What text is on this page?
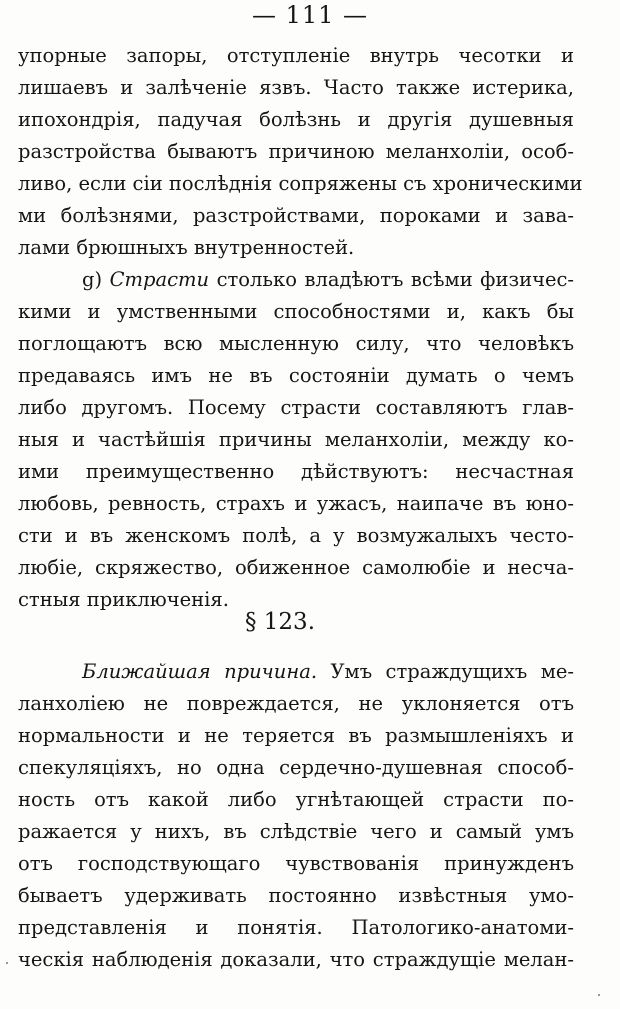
— 111 —
упорные запоры, отступленіе внутрь чесотки и
лишаевъ и залѣченіе язвъ. Часто также истерика,
ипохондрія, падучая болѣзнь и другія душевныя
разстройства бываютъ причиною меланхоліи, особ-
ливо, если сіи послѣднія сопряжены съ хроническими
ми болѣзнями, разстройствами, пороками и зава-
лами брюшныхъ внутренностей.
g) Страсти столько владѣютъ всѣми физичес-
кими и умственными способностями и, какъ бы
поглощаютъ всю мысленную силу, что человѣкъ
предаваясь имъ не въ состояніи думать о чемъ
либо другомъ. Посему страсти составляютъ глав-
ныя и частѣйшія причины меланхоліи, между ко-
ими преимущественно дѣйствуютъ: несчастная
любовь, ревность, страхъ и ужасъ, наипаче въ юно-
сти и въ женскомъ полѣ, а у возмужалыхъ често-
любіе, скряжество, обиженное самолюбіе и несча-
стныя приключенія.
§ 123.
Ближайшая причина. Умъ страждущихъ ме-
ланхоліею не повреждается, не уклоняется отъ
нормальности и не теряется въ размышленіяхъ и
спекуляціяхъ, но одна сердечно-душевная способ-
ность отъ какой либо угнѣтающей страсти по-
ражается у нихъ, въ слѣдствіе чего и самый умъ
отъ господствующаго чувствованія принужденъ
бываетъ удерживать постоянно извѣстныя умо-
представленія и понятія. Патологико-анатоми-
ческія наблюденія доказали, что страждущіе мелан-
